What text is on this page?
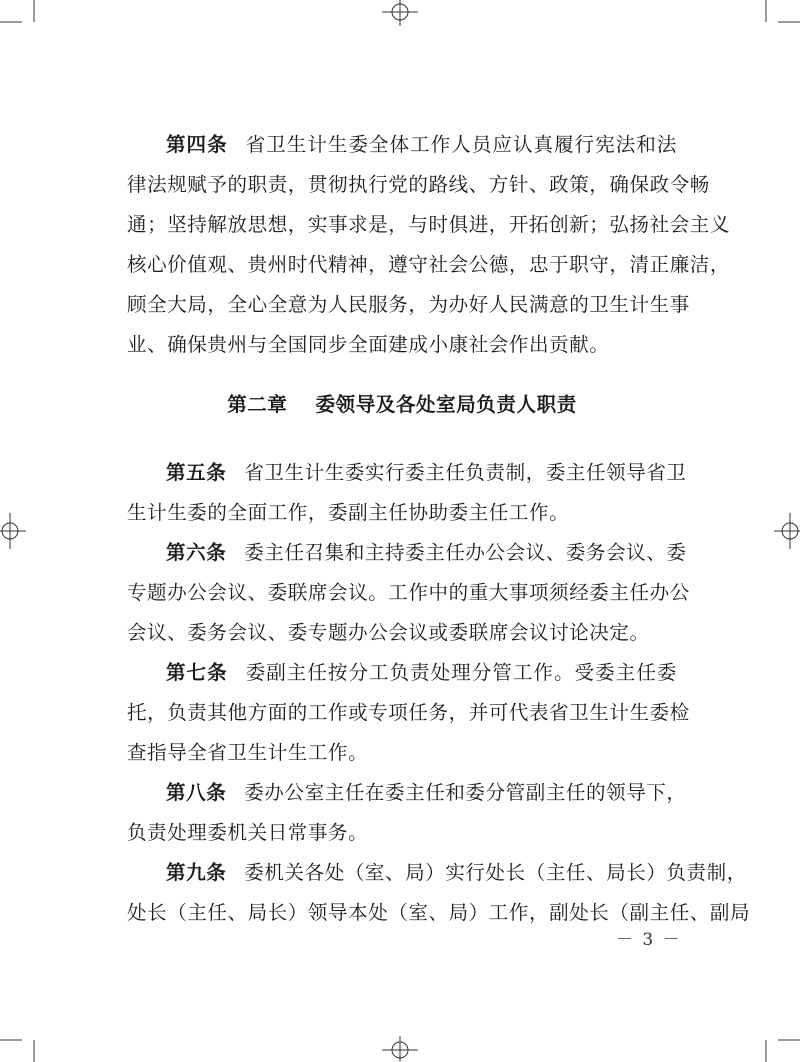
第四条 省卫生计生委全体工作人员应认真履行宪法和法
律法规赋予的职责，贯彻执行党的路线、方针、政策，确保政令畅
通；坚持解放思想，实事求是，与时俱进，开拓创新；弘扬社会主义
核心价值观、贵州时代精神，遵守社会公德，忠于职守，清正廉洁，
顾全大局，全心全意为人民服务，为办好人民满意的卫生计生事
业、确保贵州与全国同步全面建成小康社会作出贡献。
第二章 委领导及各处室局负责人职责
第五条 省卫生计生委实行委主任负责制，委主任领导省卫
生计生委的全面工作，委副主任协助委主任工作。
第六条 委主任召集和主持委主任办公会议、委务会议、委
专题办公会议、委联席会议。工作中的重大事项须经委主任办公
会议、委务会议、委专题办公会议或委联席会议讨论决定。
第七条 委副主任按分工负责处理分管工作。受委主任委
托，负责其他方面的工作或专项任务，并可代表省卫生计生委检
查指导全省卫生计生工作。
第八条 委办公室主任在委主任和委分管副主任的领导下，
负责处理委机关日常事务。
第九条 委机关各处（室、局）实行处长（主任、局长）负责制，
处长（主任、局长）领导本处（室、局）工作，副处长（副主任、副局
－ 3 －
